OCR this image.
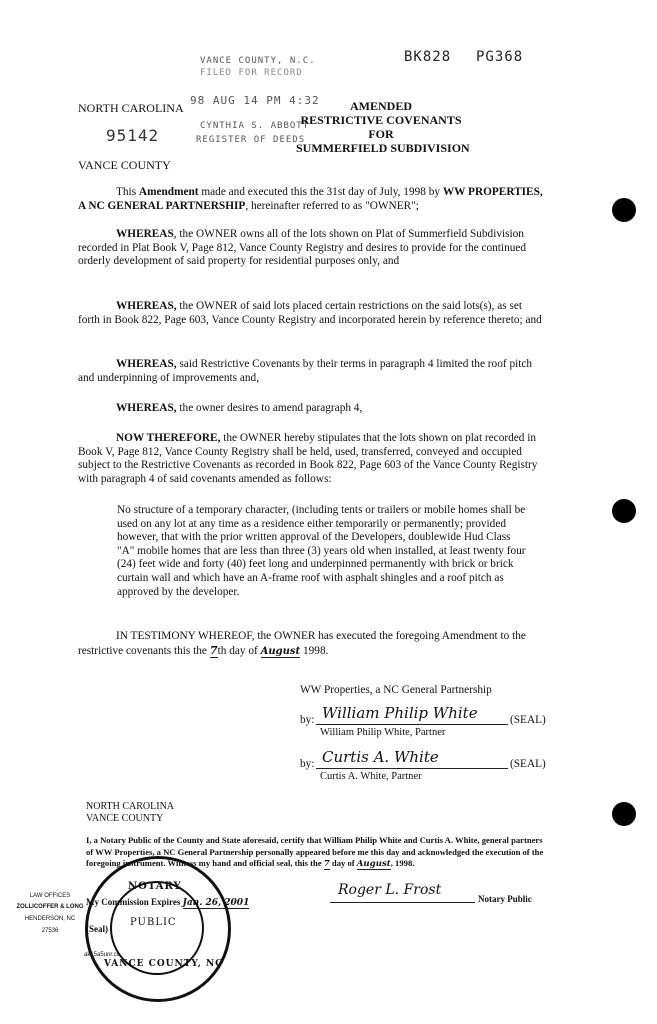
VANCE COUNTY, N.C.
FILED FOR RECORD
BK828 PG368
98 AUG 14 PM 4:32
CYNTHIA S. ABBOTT
REGISTER OF DEEDS
95142
NORTH CAROLINA
VANCE COUNTY
AMENDED
RESTRICTIVE COVENANTS
FOR
SUMMERFIELD SUBDIVISION
This Amendment made and executed this the 31st day of July, 1998 by WW PROPERTIES, A NC GENERAL PARTNERSHIP, hereinafter referred to as "OWNER";
WHEREAS, the OWNER owns all of the lots shown on Plat of Summerfield Subdivision recorded in Plat Book V, Page 812, Vance County Registry and desires to provide for the continued orderly development of said property for residential purposes only, and
WHEREAS, the OWNER of said lots placed certain restrictions on the said lots(s), as set forth in Book 822, Page 603, Vance County Registry and incorporated herein by reference thereto; and
WHEREAS, said Restrictive Covenants by their terms in paragraph 4 limited the roof pitch and underpinning of improvements and,
WHEREAS, the owner desires to amend paragraph 4,
NOW THEREFORE, the OWNER hereby stipulates that the lots shown on plat recorded in Book V, Page 812, Vance County Registry shall be held, used, transferred, conveyed and occupied subject to the Restrictive Covenants as recorded in Book 822, Page 603 of the Vance County Registry with paragraph 4 of said covenants amended as follows:
No structure of a temporary character, (including tents or trailers or mobile homes shall be used on any lot at any time as a residence either temporarily or permanently; provided however, that with the prior written approval of the Developers, doublewide Hud Class "A" mobile homes that are less than three (3) years old when installed, at least twenty four (24) feet wide and forty (40) feet long and underpinned permanently with brick or brick curtain wall and which have an A-frame roof with asphalt shingles and a roof pitch as approved by the developer.
IN TESTIMONY WHEREOF, the OWNER has executed the foregoing Amendment to the restrictive covenants this the 7th day of August 1998.
WW Properties, a NC General Partnership
by: William Philip White	(SEAL)
William Philip White, Partner
by: Curtis A. White	(SEAL)
Curtis A. White, Partner
NORTH CAROLINA
VANCE COUNTY
I, a Notary Public of the County and State aforesaid, certify that William Philip White and Curtis A. White, general partners of WW Properties, a NC General Partnership personally appeared before me this day and acknowledged the execution of the foregoing instrument. Witness my hand and official seal, this the 7 day of August, 1998.
My Commission Expires Jan. 26, 2001
(Seal)
Roger L. Frost
Notary Public
NOTARY
PUBLIC
VANCE COUNTY, NC
LAW OFFICES
ZOLLICOFFER & LONG
HENDERSON, NC
27536
ak15a5unr.cc
